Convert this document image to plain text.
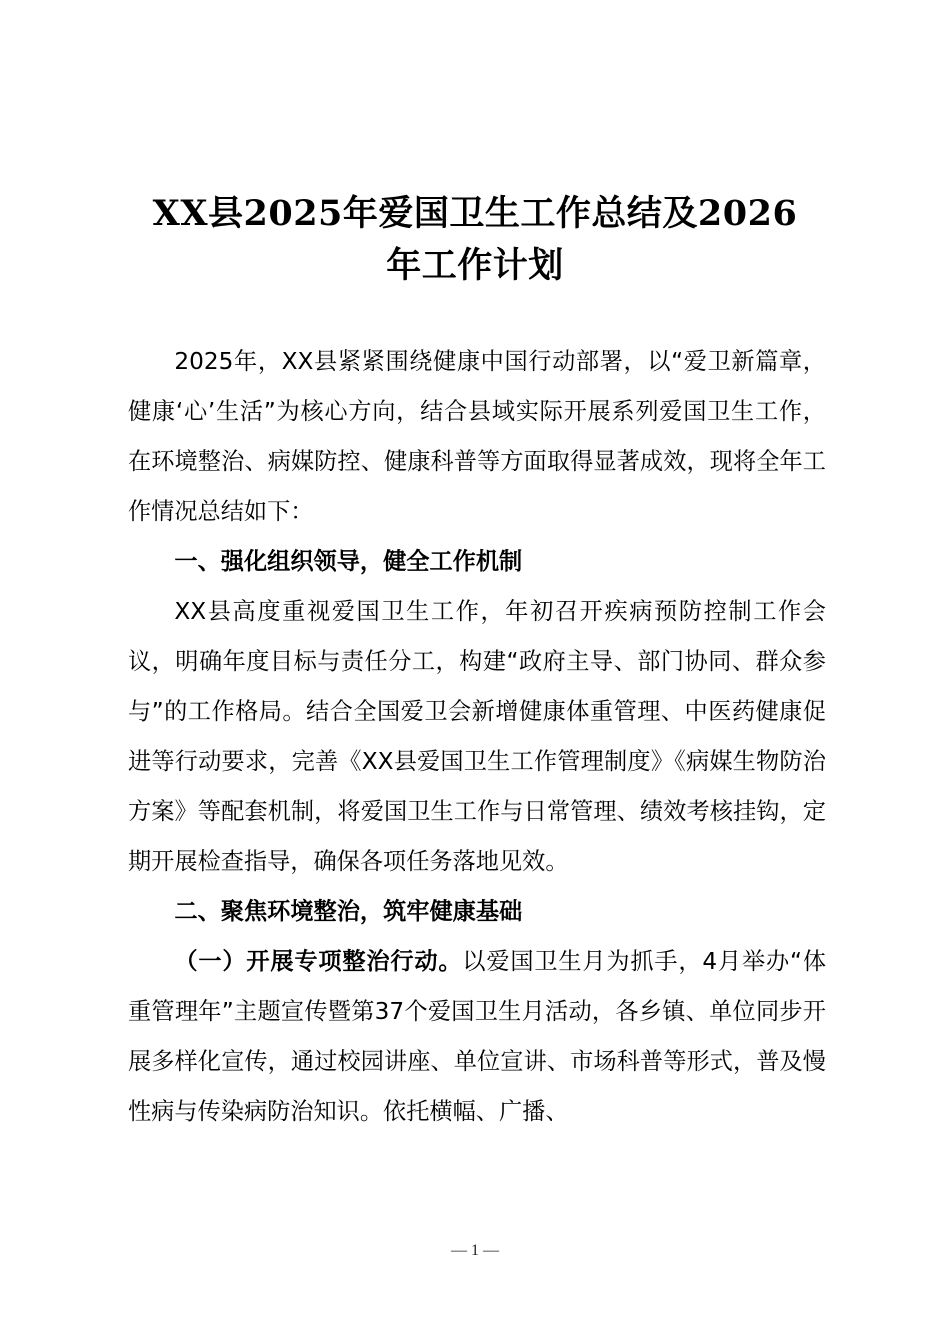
XX县2025年爱国卫生工作总结及2026
年工作计划

2025年，XX县紧紧围绕健康中国行动部署，以“爱卫新篇章，健康‘心’生活”为核心方向，结合县域实际开展系列爱国卫生工作，在环境整治、病媒防控、健康科普等方面取得显著成效，现将全年工作情况总结如下：

一、强化组织领导，健全工作机制

XX县高度重视爱国卫生工作，年初召开疾病预防控制工作会议，明确年度目标与责任分工，构建“政府主导、部门协同、群众参与”的工作格局。结合全国爱卫会新增健康体重管理、中医药健康促进等行动要求，完善《XX县爱国卫生工作管理制度》《病媒生物防治方案》等配套机制，将爱国卫生工作与日常管理、绩效考核挂钩，定期开展检查指导，确保各项任务落地见效。

二、聚焦环境整治，筑牢健康基础

（一）开展专项整治行动。以爱国卫生月为抓手，4月举办“体重管理年”主题宣传暨第37个爱国卫生月活动，各乡镇、单位同步开展多样化宣传，通过校园讲座、单位宣讲、市场科普等形式，普及慢性病与传染病防治知识。依托横幅、广播、

— 1 —
